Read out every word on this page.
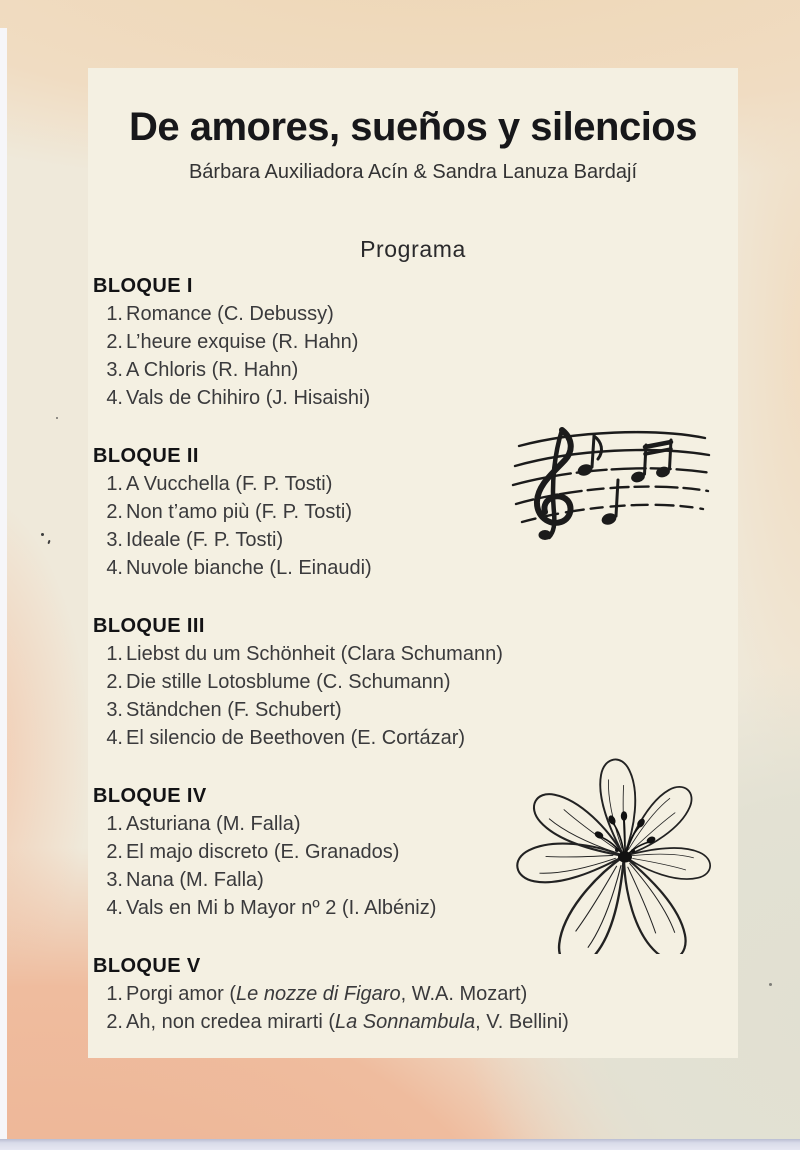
De amores, sueños y silencios

Bárbara Auxiliadora Acín & Sandra Lanuza Bardají

Programa

BLOQUE I
1. Romance (C. Debussy)
2. L’heure exquise (R. Hahn)
3. A Chloris (R. Hahn)
4. Vals de Chihiro (J. Hisaishi)
BLOQUE II
1. A Vucchella (F. P. Tosti)
2. Non t’amo più (F. P. Tosti)
3. Ideale (F. P. Tosti)
4. Nuvole bianche (L. Einaudi)
BLOQUE III
1. Liebst du um Schönheit (Clara Schumann)
2. Die stille Lotosblume (C. Schumann)
3. Ständchen (F. Schubert)
4. El silencio de Beethoven (E. Cortázar)
BLOQUE IV
1. Asturiana (M. Falla)
2. El majo discreto (E. Granados)
3. Nana (M. Falla)
4. Vals en Mi b Mayor nº 2 (I. Albéniz)
BLOQUE V
1. Porgi amor (Le nozze di Figaro, W.A. Mozart)
2. Ah, non credea mirarti (La Sonnambula, V. Bellini)
